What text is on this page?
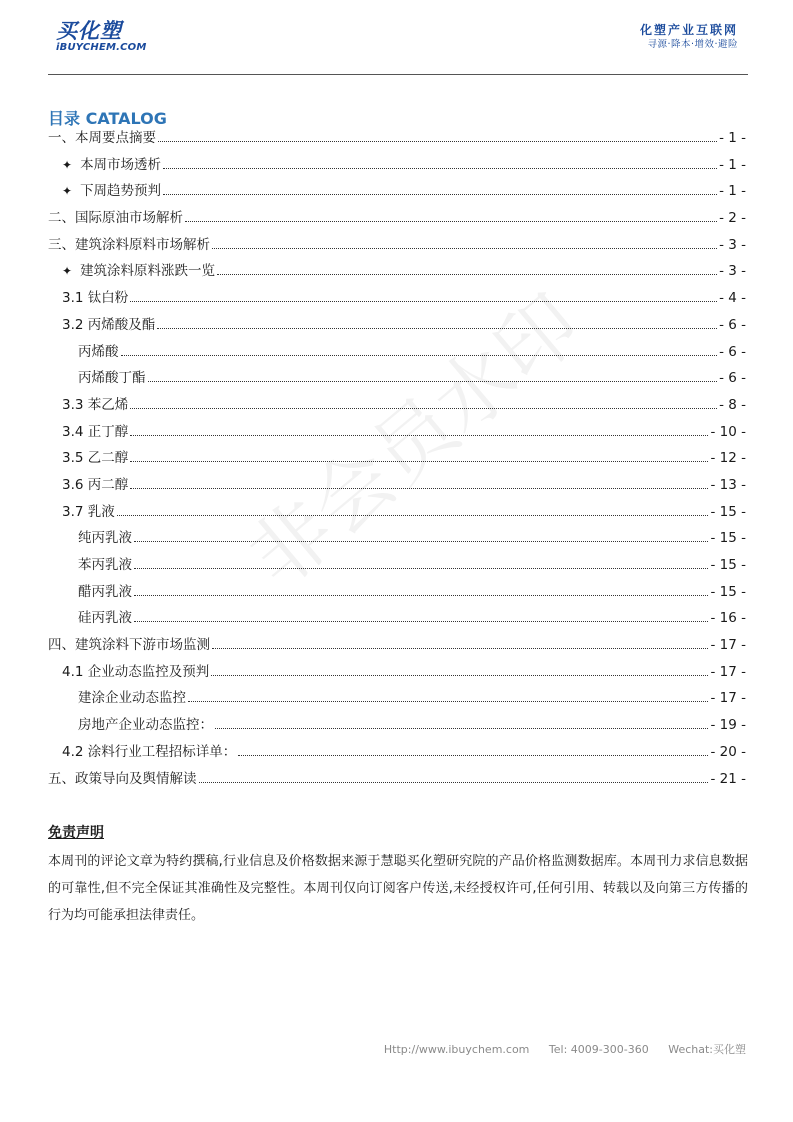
买化塑
iBUYCHEM.COM
化塑产业互联网
寻源·降本·增效·避险
目录 CATALOG
一、本周要点摘要	- 1 -
✦ 本周市场透析	- 1 -
✦ 下周趋势预判	- 1 -
二、国际原油市场解析	- 2 -
三、建筑涂料原料市场解析	- 3 -
✦ 建筑涂料原料涨跌一览	- 3 -
3.1 钛白粉	- 4 -
3.2 丙烯酸及酯	- 6 -
丙烯酸	- 6 -
丙烯酸丁酯	- 6 -
3.3 苯乙烯	- 8 -
3.4 正丁醇	- 10 -
3.5 乙二醇	- 12 -
3.6 丙二醇	- 13 -
3.7 乳液	- 15 -
纯丙乳液	- 15 -
苯丙乳液	- 15 -
醋丙乳液	- 15 -
硅丙乳液	- 16 -
四、建筑涂料下游市场监测	- 17 -
4.1 企业动态监控及预判	- 17 -
建涂企业动态监控	- 17 -
房地产企业动态监控：	- 19 -
4.2 涂料行业工程招标详单：	- 20 -
五、政策导向及舆情解读	- 21 -
非会员水印
免责声明
本周刊的评论文章为特约撰稿,行业信息及价格数据来源于慧聪买化塑研究院的产品价格监测数据库。本周刊力求信息数据的可靠性,但不完全保证其准确性及完整性。本周刊仅向订阅客户传送,未经授权许可,任何引用、转载以及向第三方传播的行为均可能承担法律责任。
Http://www.ibuychem.com Tel: 4009-300-360 Wechat:买化塑
